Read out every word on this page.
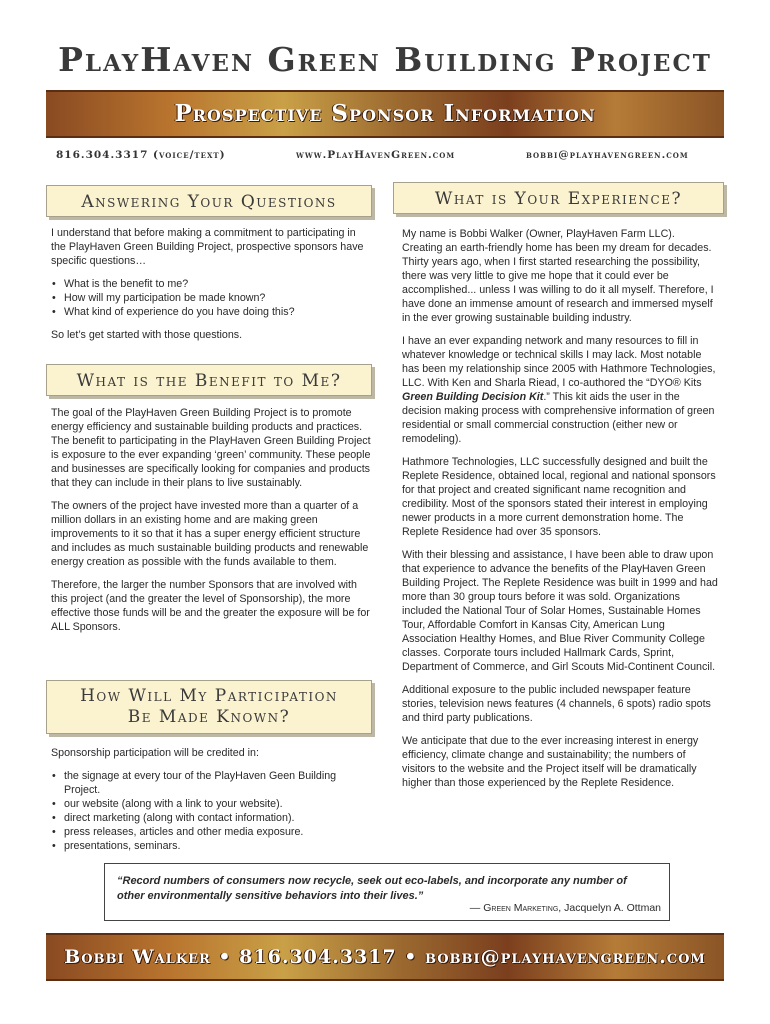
PlayHaven Green Building Project
Prospective Sponsor Information
816.304.3317 (voice/text)	www.PlayHavenGreen.com	bobbi@playhavengreen.com
Answering Your Questions

I understand that before making a commitment to participating in the PlayHaven Green Building Project, prospective sponsors have specific questions…

• What is the benefit to me?
• How will my participation be made known?
• What kind of experience do you have doing this?

So let’s get started with those questions.

What is the Benefit to Me?

The goal of the PlayHaven Green Building Project is to promote energy efficiency and sustainable building products and practices. The benefit to participating in the PlayHaven Green Building Project is exposure to the ever expanding ‘green’ community. These people and businesses are specifically looking for companies and products that they can include in their plans to live sustainably.

The owners of the project have invested more than a quarter of a million dollars in an existing home and are making green improvements to it so that it has a super energy efficient structure and includes as much sustainable building products and renewable energy creation as possible with the funds available to them.

Therefore, the larger the number Sponsors that are involved with this project (and the greater the level of Sponsorship), the more effective those funds will be and the greater the exposure will be for ALL Sponsors.

How Will My Participation
Be Made Known?

Sponsorship participation will be credited in:

• the signage at every tour of the PlayHaven Geen Building Project.
• our website (along with a link to your website).
• direct marketing (along with contact information).
• press releases, articles and other media exposure.
• presentations, seminars.
What is Your Experience?

My name is Bobbi Walker (Owner, PlayHaven Farm LLC). Creating an earth-friendly home has been my dream for decades. Thirty years ago, when I first started researching the possibility, there was very little to give me hope that it could ever be accomplished... unless I was willing to do it all myself. Therefore, I have done an immense amount of research and immersed myself in the ever growing sustainable building industry.

I have an ever expanding network and many resources to fill in whatever knowledge or technical skills I may lack. Most notable has been my relationship since 2005 with Hathmore Technologies, LLC. With Ken and Sharla Riead, I co-authored the “DYO® Kits Green Building Decision Kit.” This kit aids the user in the decision making process with comprehensive information of green residential or small commercial construction (either new or remodeling).

Hathmore Technologies, LLC successfully designed and built the Replete Residence, obtained local, regional and national sponsors for that project and created significant name recognition and credibility. Most of the sponsors stated their interest in employing newer products in a more current demonstration home. The Replete Residence had over 35 sponsors.

With their blessing and assistance, I have been able to draw upon that experience to advance the benefits of the PlayHaven Green Building Project. The Replete Residence was built in 1999 and had more than 30 group tours before it was sold. Organizations included the National Tour of Solar Homes, Sustainable Homes Tour, Affordable Comfort in Kansas City, American Lung Association Healthy Homes, and Blue River Community College classes. Corporate tours included Hallmark Cards, Sprint, Department of Commerce, and Girl Scouts Mid-Continent Council.

Additional exposure to the public included newspaper feature stories, television news features (4 channels, 6 spots) radio spots and third party publications.

We anticipate that due to the ever increasing interest in energy efficiency, climate change and sustainability; the numbers of visitors to the website and the Project itself will be dramatically higher than those experienced by the Replete Residence.

“Record numbers of consumers now recycle, seek out eco-labels, and incorporate any number of other environmentally sensitive behaviors into their lives.”

— Green Marketing, Jacquelyn A. Ottman
Bobbi Walker • 816.304.3317 • bobbi@playhavengreen.com
